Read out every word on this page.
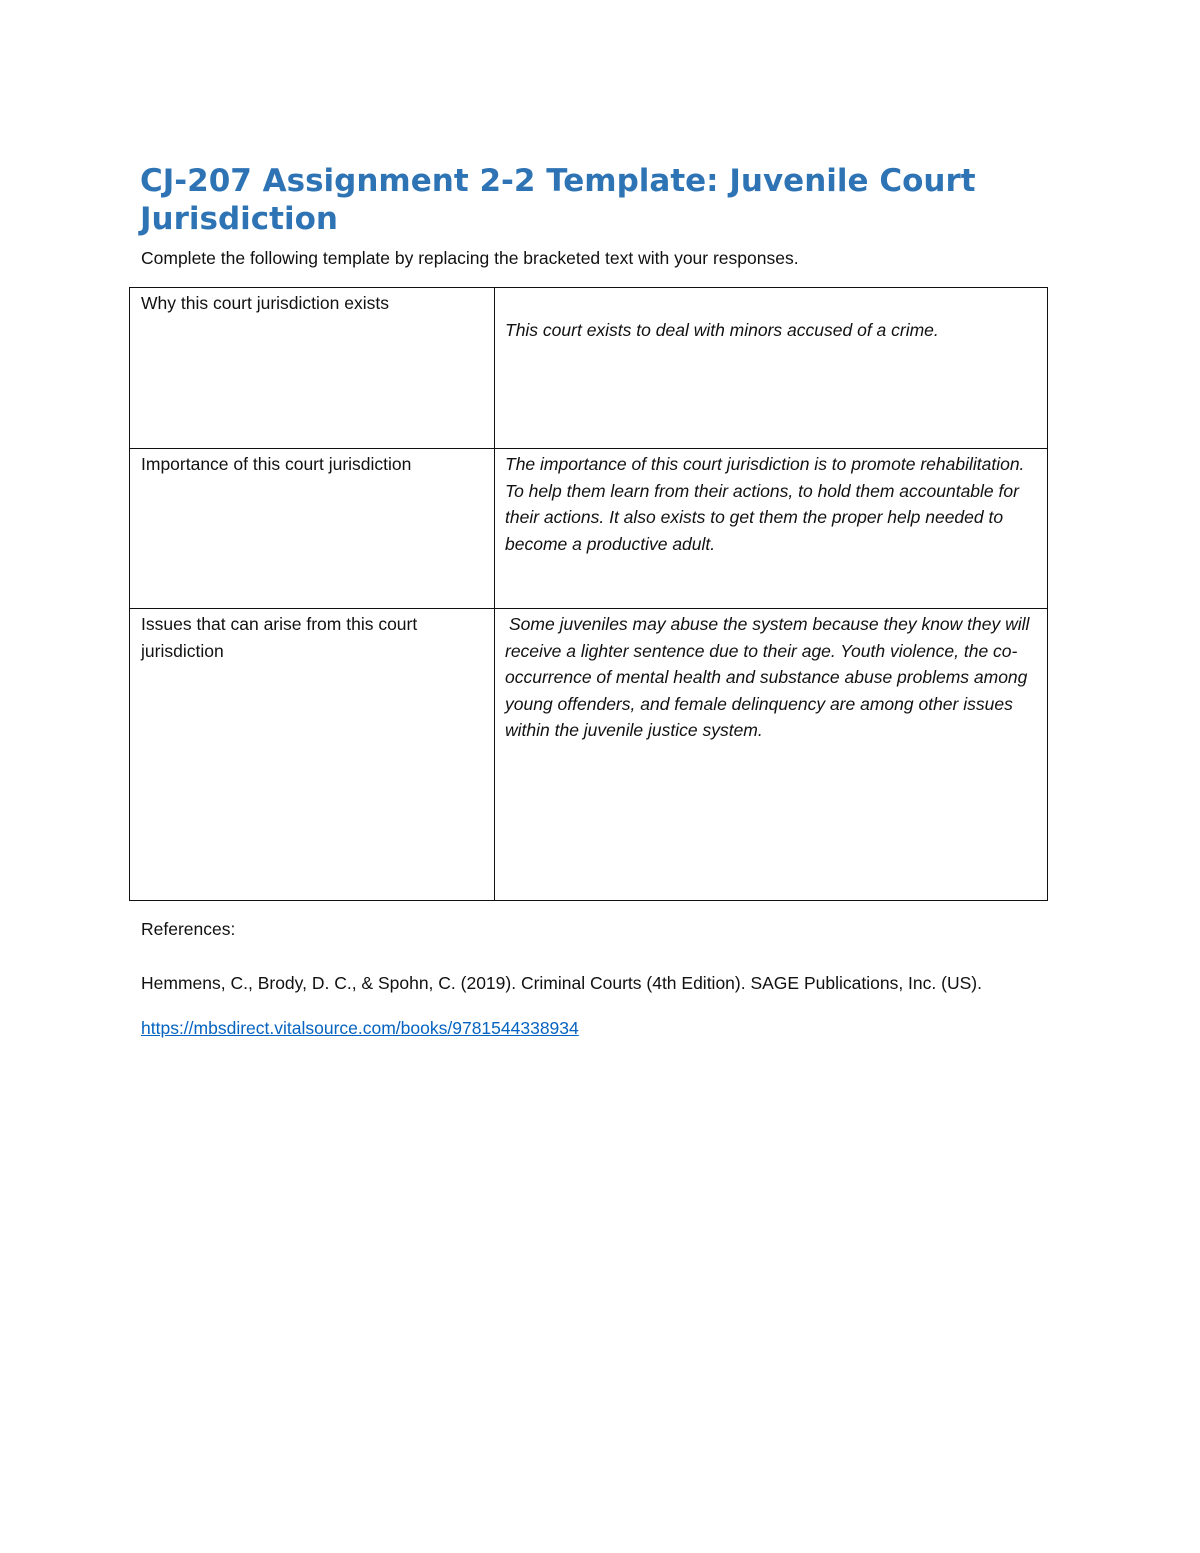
CJ-207 Assignment 2-2 Template: Juvenile Court Jurisdiction

Complete the following template by replacing the bracketed text with your responses.

Why this court jurisdiction exists	This court exists to deal with minors accused of a crime.
Importance of this court jurisdiction	The importance of this court jurisdiction is to promote rehabilitation. To help them learn from their actions, to hold them accountable for their actions. It also exists to get them the proper help needed to become a productive adult.
Issues that can arise from this court jurisdiction	Some juveniles may abuse the system because they know they will receive a lighter sentence due to their age. Youth violence, the co-occurrence of mental health and substance abuse problems among young offenders, and female delinquency are among other issues within the juvenile justice system.

References:

Hemmens, C., Brody, D. C., & Spohn, C. (2019). Criminal Courts (4th Edition). SAGE Publications, Inc. (US). https://mbsdirect.vitalsource.com/books/9781544338934
